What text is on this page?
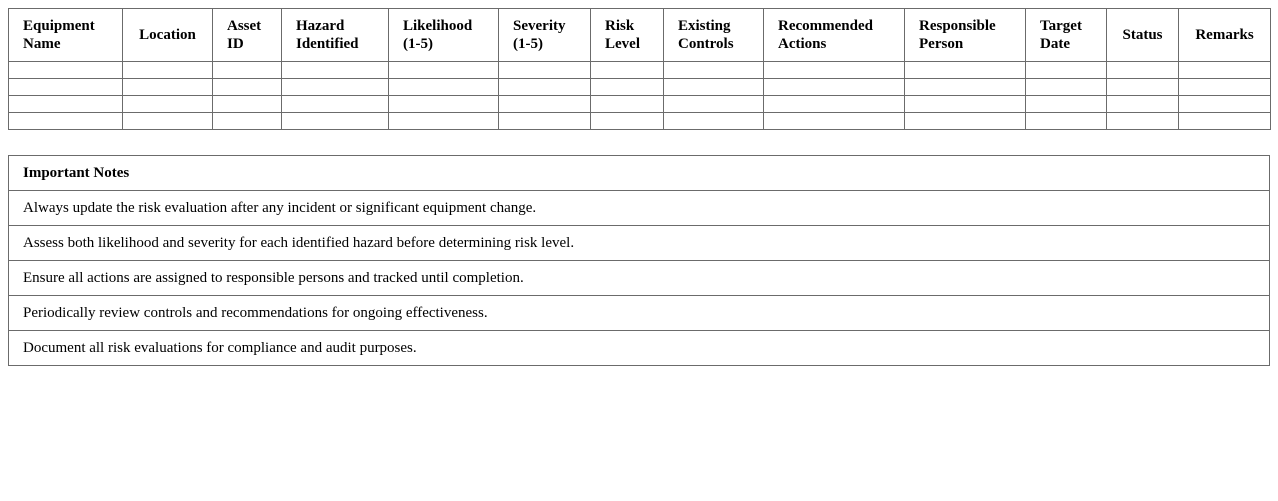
Equipment Name	Location	Asset ID	Hazard Identified	Likelihood (1-5)	Severity (1-5)	Risk Level	Existing Controls	Recommended Actions	Responsible Person	Target Date	Status	Remarks

Important Notes
Always update the risk evaluation after any incident or significant equipment change.
Assess both likelihood and severity for each identified hazard before determining risk level.
Ensure all actions are assigned to responsible persons and tracked until completion.
Periodically review controls and recommendations for ongoing effectiveness.
Document all risk evaluations for compliance and audit purposes.
